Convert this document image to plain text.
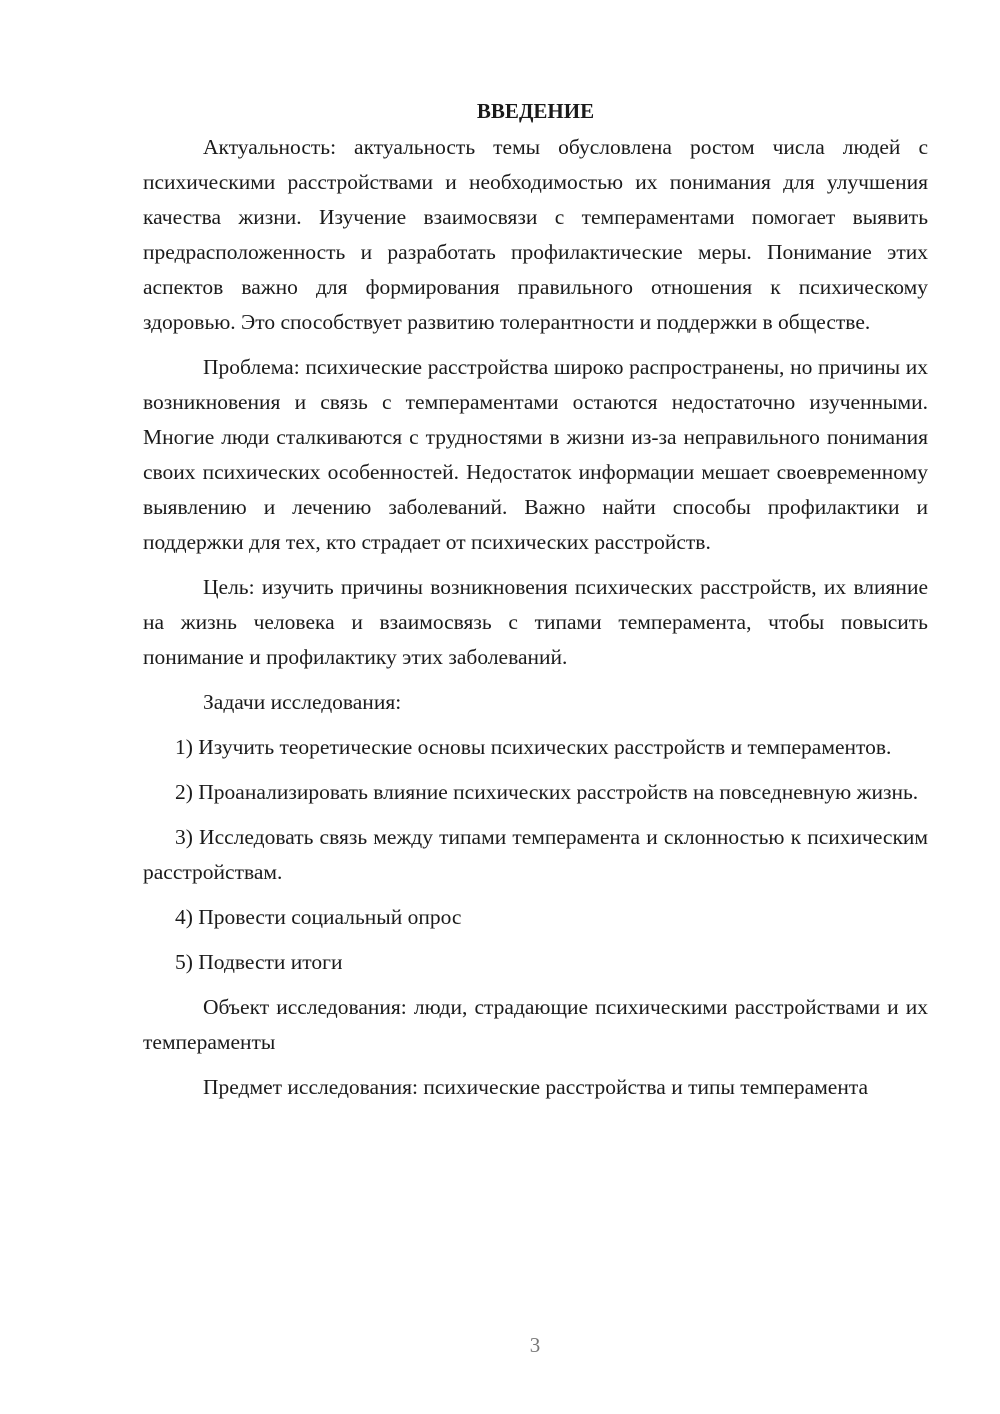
ВВЕДЕНИЕ

Актуальность: актуальность темы обусловлена ростом числа людей с психическими расстройствами и необходимостью их понимания для улучшения качества жизни. Изучение взаимосвязи с темпераментами помогает выявить предрасположенность и разработать профилактические меры. Понимание этих аспектов важно для формирования правильного отношения к психическому здоровью. Это способствует развитию толерантности и поддержки в обществе.

Проблема: психические расстройства широко распространены, но причины их возникновения и связь с темпераментами остаются недостаточно изученными. Многие люди сталкиваются с трудностями в жизни из-за неправильного понимания своих психических особенностей. Недостаток информации мешает своевременному выявлению и лечению заболеваний. Важно найти способы профилактики и поддержки для тех, кто страдает от психических расстройств.

Цель: изучить причины возникновения психических расстройств, их влияние на жизнь человека и взаимосвязь с типами темперамента, чтобы повысить понимание и профилактику этих заболеваний.

Задачи исследования:

1) Изучить теоретические основы психических расстройств и темпераментов.

2) Проанализировать влияние психических расстройств на повседневную жизнь.

3) Исследовать связь между типами темперамента и склонностью к психическим расстройствам.

4) Провести социальный опрос

5) Подвести итоги

Объект исследования: люди, страдающие психическими расстройствами и их темпераменты

Предмет исследования: психические расстройства и типы темперамента

3
